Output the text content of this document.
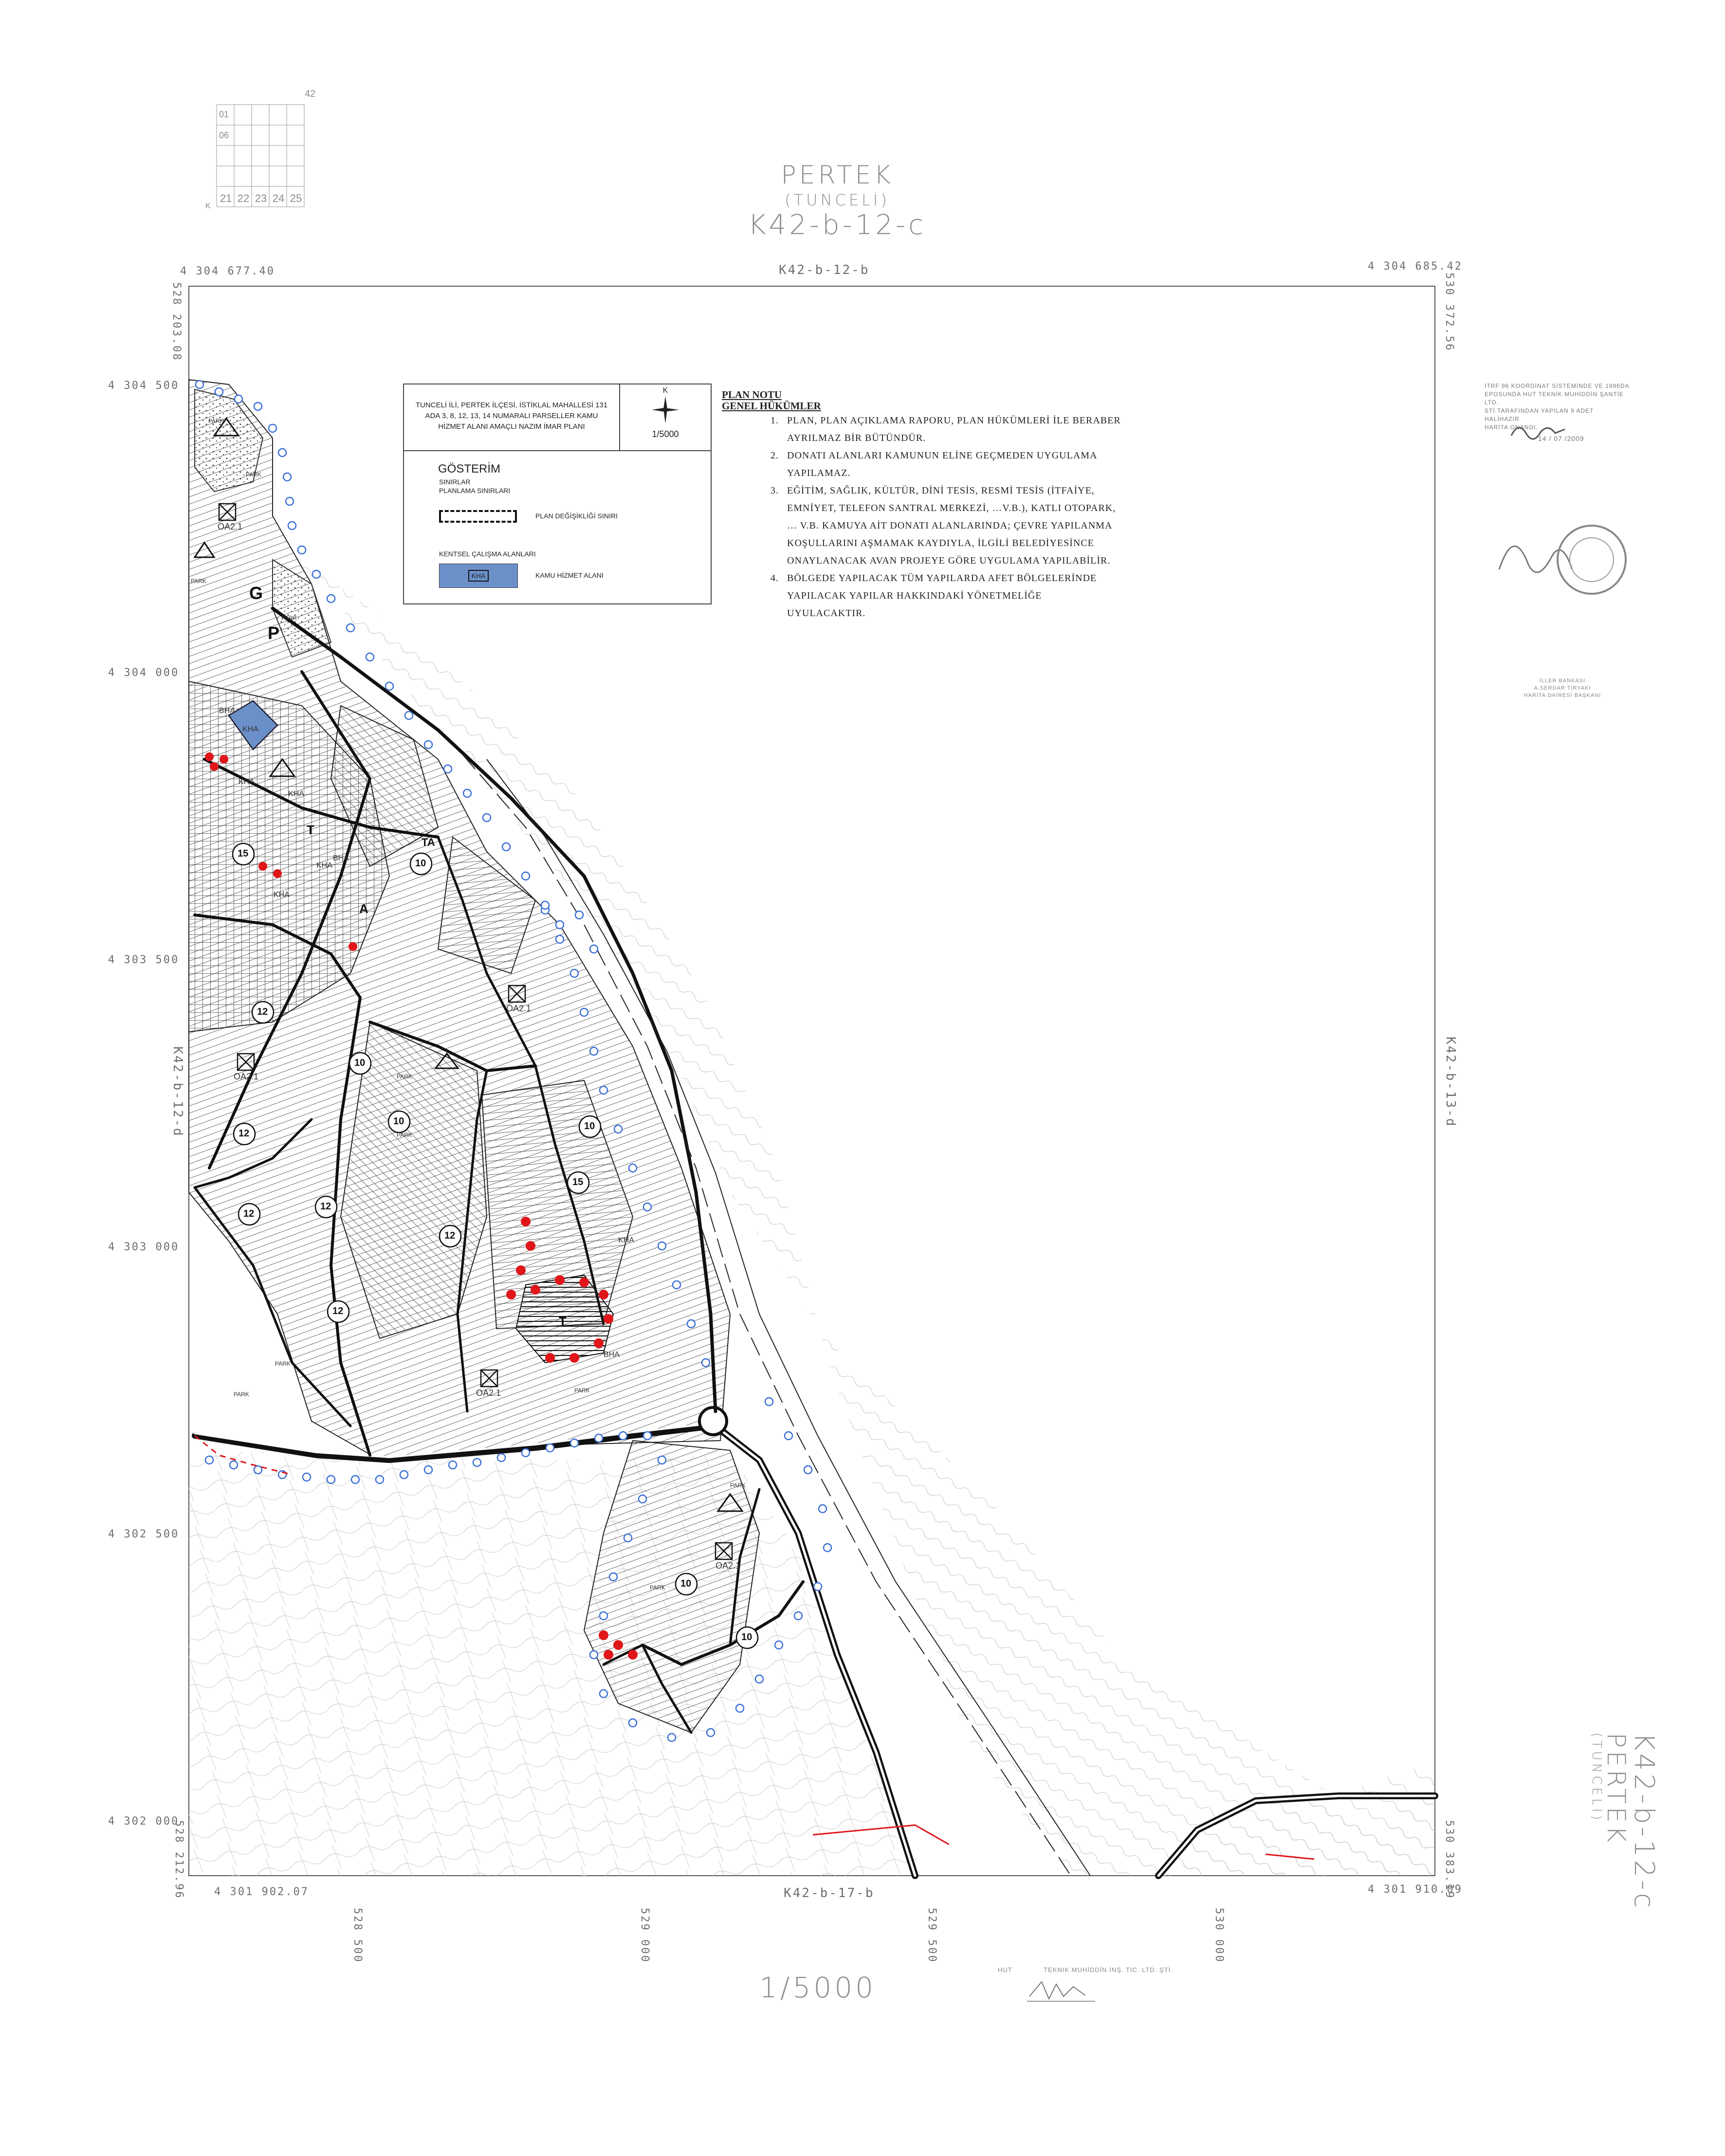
42
01
06
K
21 22 23 24 25
PERTEK
(TUNCELİ)
K42-b-12-c
4 304 677.40	K42-b-12-b	4 304 685.42
4 301 902.07	K42-b-17-b	4 301 910.09
K42-b-12-d	K42-b-13-d
528 203.08
528 212.96
530 372.56
530 383.19
4 304 500
4 304 000
4 303 500
4 303 000
4 302 500
4 302 000
528 500	529 000	529 500	530 000
15
10
12
10
10	10
12
12
12
15
12
12
10
10
OA2.1
OA2.1
OA2.1
OA2.1
OA2.1
PARK
PARK
PARK
PARK
PARK
PARK
PARK
PARK
PARK
PARK
PARK
KHA
KHA
KHA
KHA
KHA
KHA
BHA
BHA
BHA
TA
G
P
T
T
A
TUNCELİ İLİ, PERTEK İLÇESİ, İSTİKLAL MAHALLESİ 131 ADA 3, 8, 12, 13, 14 NUMARALI PARSELLER KAMU HİZMET ALANI AMAÇLI NAZIM İMAR PLANI
K
1/5000
GÖSTERİM
SINIRLAR
PLANLAMA SINIRLARI
PLAN DEĞİŞİKLİĞİ SINIRI
KENTSEL ÇALIŞMA ALANLARI
KHA	KAMU HİZMET ALANI

PLAN NOTU

GENEL HÜKÜMLER

1. PLAN, PLAN AÇIKLAMA RAPORU, PLAN HÜKÜMLERİ İLE BERABER

AYRILMAZ BİR BÜTÜNDÜR.

2. DONATI ALANLARI KAMUNUN ELİNE GEÇMEDEN UYGULAMA

YAPILAMAZ.

3. EĞİTİM, SAĞLIK, KÜLTÜR, DİNİ TESİS, RESMİ TESİS (İTFAİYE,

EMNİYET, TELEFON SANTRAL MERKEZİ, …V.B.), KATLI OTOPARK,

… V.B. KAMUYA AİT DONATI ALANLARINDA; ÇEVRE YAPILANMA

KOŞULLARINI AŞMAMAK KAYDIYLA, İLGİLİ BELEDİYESİNCE

ONAYLANACAK AVAN PROJEYE GÖRE UYGULAMA YAPILABİLİR.

4. BÖLGEDE YAPILACAK TÜM YAPILARDA AFET BÖLGELERİNDE

YAPILACAK YAPILAR HAKKINDAKİ YÖNETMELİĞE

UYULACAKTIR.

ITRF 96 KOORDİNAT SİSTEMİNDE VE 1996DA
EPOSUNDA HUT TEKNİK MUHİDDİN ŞANTİE LTD.
STİ.TARAFINDAN YAPILAN 9 ADET HALİHAZIR
HARİTA ONANDI.
14 / 07 /2009
İLLER BANKASI
A.SERDAR TIRYAKI
HARİTA DAİRESİ BAŞKANI
PERTEK
(TUNCELİ) K42-b-12-c
1/5000
HUT	TEKNIK MUHİDDİN İNŞ. TİC. LTD. ŞTİ.
